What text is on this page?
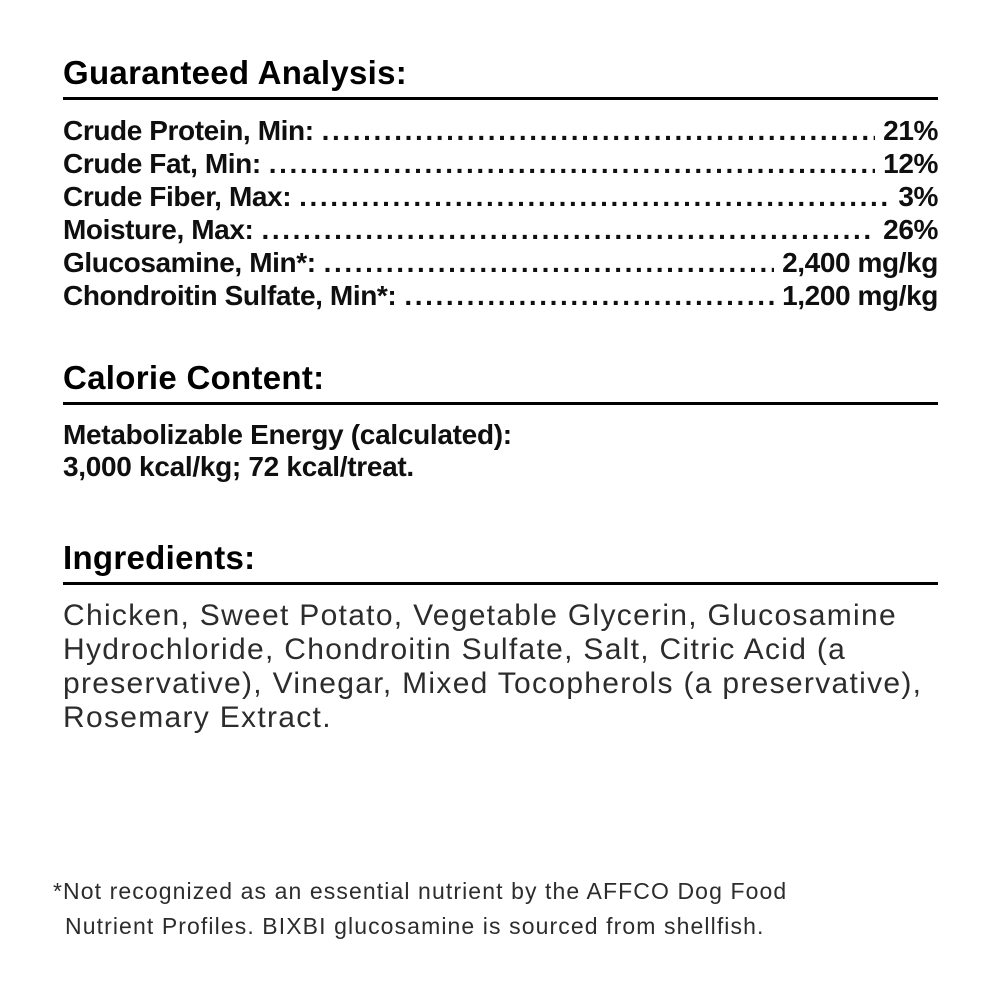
Guaranteed Analysis:
Crude Protein, Min: .....	21%
Crude Fat, Min: .....	12%
Crude Fiber, Max: .....	3%
Moisture, Max: .....	26%
Glucosamine, Min*: .....	2,400 mg/kg
Chondroitin Sulfate, Min*: .....	1,200 mg/kg
Calorie Content:
Metabolizable Energy (calculated):
3,000 kcal/kg; 72 kcal/treat.
Ingredients:
Chicken, Sweet Potato, Vegetable Glycerin, Glucosamine
Hydrochloride, Chondroitin Sulfate, Salt, Citric Acid (a
preservative), Vinegar, Mixed Tocopherols (a preservative),
Rosemary Extract.
*Not recognized as an essential nutrient by the AFFCO Dog Food
Nutrient Profiles. BIXBI glucosamine is sourced from shellfish.
